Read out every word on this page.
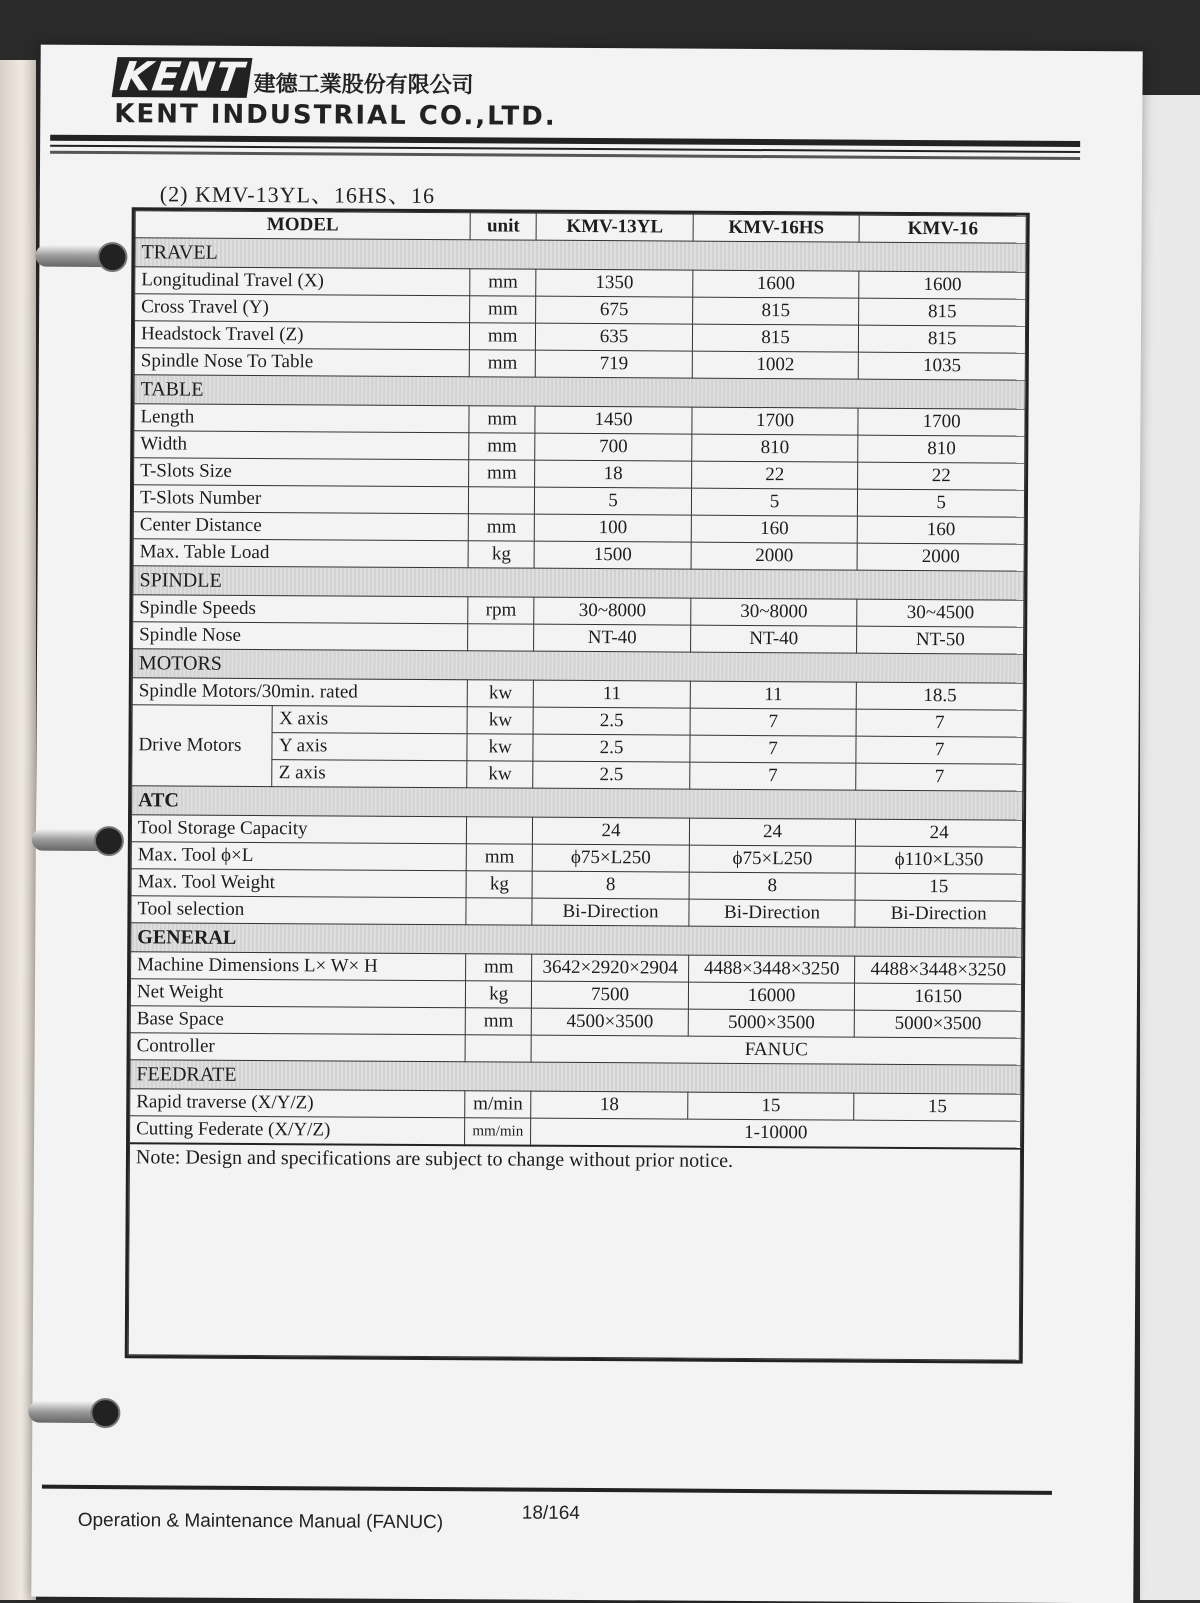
KENT 建德工業股份有限公司
KENT INDUSTRIAL CO.,LTD.
(2) KMV-13YL、16HS、16
MODEL		unit	KMV-13YL	KMV-16HS	KMV-16
TRAVEL					
Longitudinal Travel (X)		mm	1350	1600	1600
Cross Travel (Y)		mm	675	815	815
Headstock Travel (Z)		mm	635	815	815
Spindle Nose To Table		mm	719	1002	1035
TABLE					
Length		mm	1450	1700	1700
Width		mm	700	810	810
T-Slots Size		mm	18	22	22
T-Slots Number			5	5	5
Center Distance		mm	100	160	160
Max. Table Load		kg	1500	2000	2000
SPINDLE					
Spindle Speeds		rpm	30~8000	30~8000	30~4500
Spindle Nose			NT-40	NT-40	NT-50
MOTORS					
Spindle Motors/30min. rated		kw	11	11	18.5
Drive Motors	X axis	kw	2.5	7	7
	Y axis	kw	2.5	7	7
	Z axis	kw	2.5	7	7
ATC					
Tool Storage Capacity			24	24	24
Max. Tool ϕ×L		mm	ϕ75×L250	ϕ75×L250	ϕ110×L350
Max. Tool Weight		kg	8	8	15
Tool selection			Bi-Direction	Bi-Direction	Bi-Direction
GENERAL					
Machine Dimensions L× W× H		mm	3642×2920×2904	4488×3448×3250	4488×3448×3250
Net Weight		kg	7500	16000	16150
Base Space		mm	4500×3500	5000×3500	5000×3500
Controller			FANUC		
FEEDRATE					
Rapid traverse (X/Y/Z)		m/min	18	15	15
Cutting Federate (X/Y/Z)		mm/min	1-10000		
Note: Design and specifications are subject to change without prior notice.					
Operation & Maintenance Manual (FANUC)	18/164
